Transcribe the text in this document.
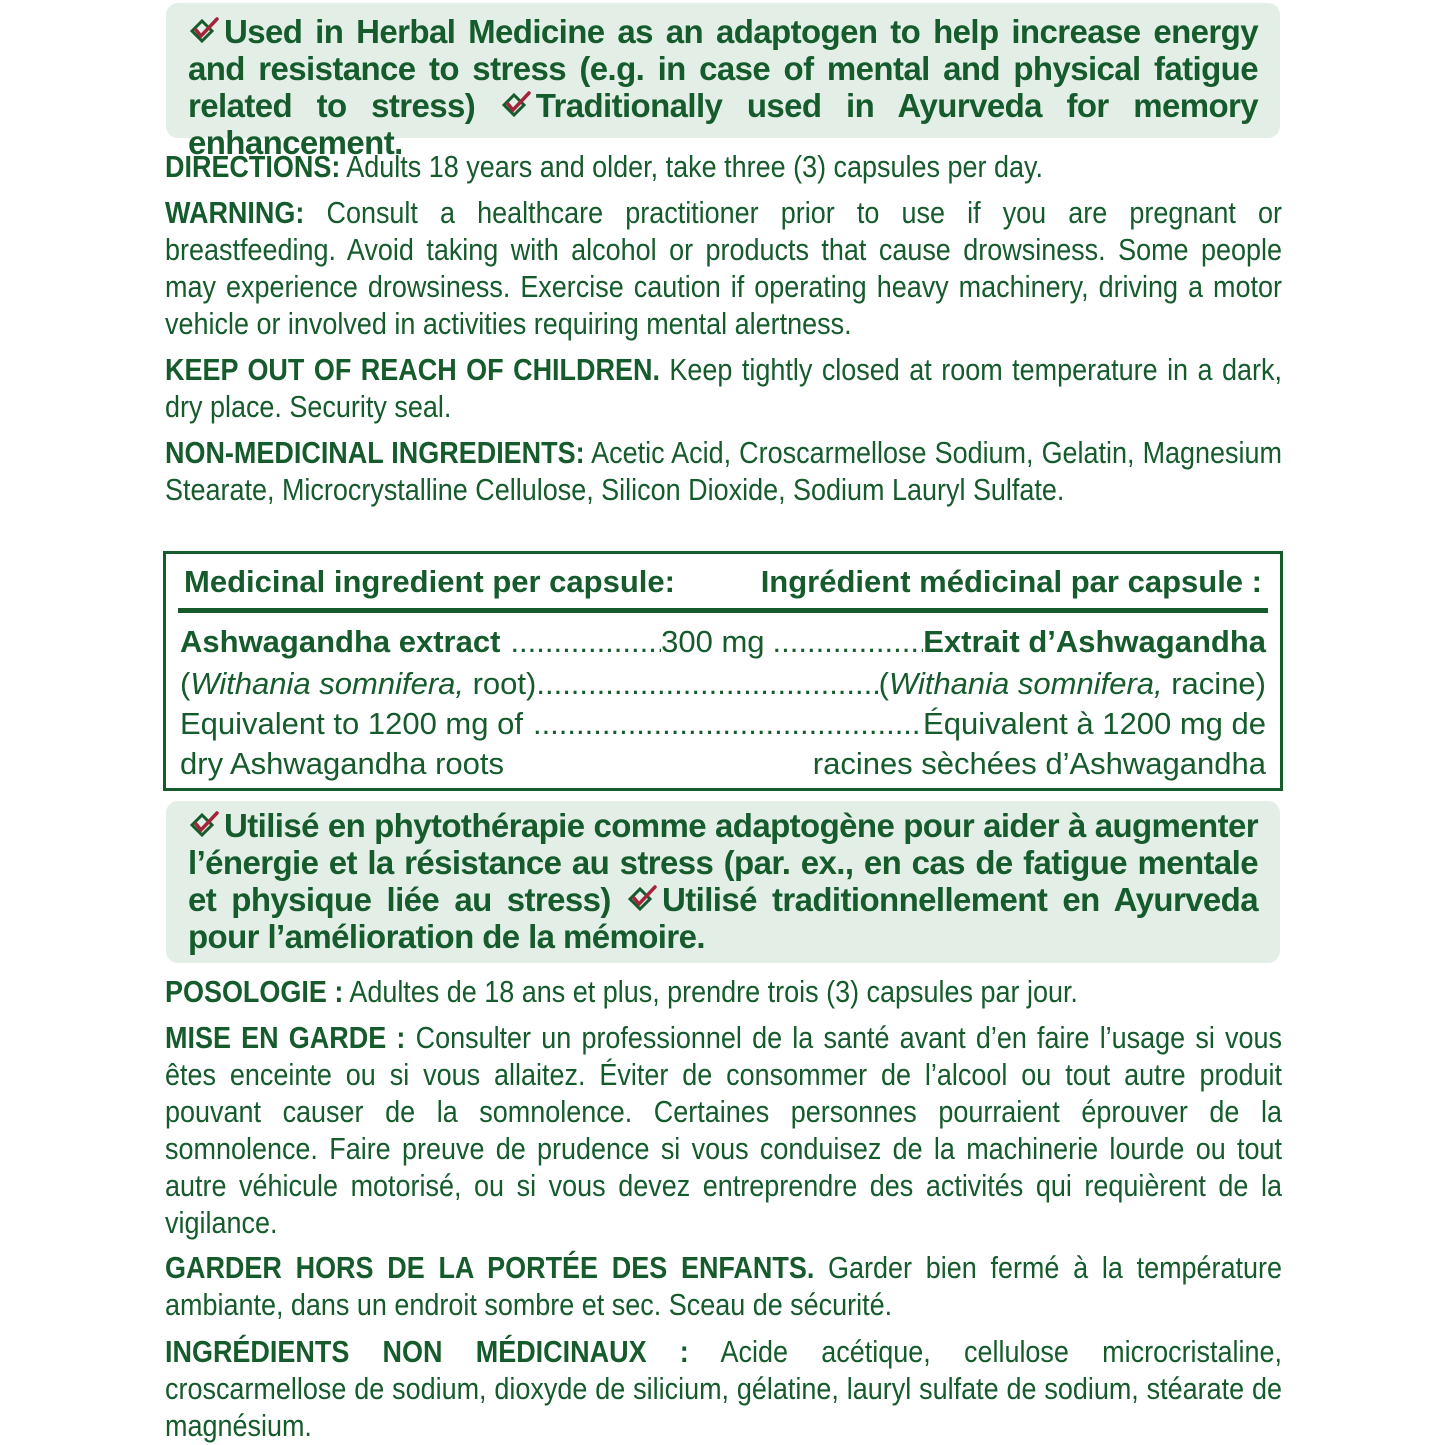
Used in Herbal Medicine as an adaptogen to help increase energy and resistance to stress (e.g. in case of mental and physical fatigue related to stress) Traditionally used in Ayurveda for memory enhancement.
DIRECTIONS: Adults 18 years and older, take three (3) capsules per day.
WARNING: Consult a healthcare practitioner prior to use if you are pregnant or breastfeeding. Avoid taking with alcohol or products that cause drowsiness. Some people may experience drowsiness. Exercise caution if operating heavy machinery, driving a motor vehicle or involved in activities requiring mental alertness.
KEEP OUT OF REACH OF CHILDREN. Keep tightly closed at room temperature in a dark, dry place. Security seal.
NON-MEDICINAL INGREDIENTS: Acetic Acid, Croscarmellose Sodium, Gelatin, Magnesium Stearate, Microcrystalline Cellulose, Silicon Dioxide, Sodium Lauryl Sulfate.
Medicinal ingredient per capsule:	Ingrédient médicinal par capsule :
Ashwagandha extract .....	300 mg .....	Extrait d’Ashwagandha
(Withania somnifera, root) .....	(Withania somnifera, racine)
Equivalent to 1200 mg of .....	Équivalent à 1200 mg de
dry Ashwagandha roots	racines sèchées d’Ashwagandha
Utilisé en phytothérapie comme adaptogène pour aider à augmenter l’énergie et la résistance au stress (par. ex., en cas de fatigue mentale et physique liée au stress) Utilisé traditionnellement en Ayurveda pour l’amélioration de la mémoire.
POSOLOGIE : Adultes de 18 ans et plus, prendre trois (3) capsules par jour.
MISE EN GARDE : Consulter un professionnel de la santé avant d’en faire l’usage si vous êtes enceinte ou si vous allaitez. Éviter de consommer de l’alcool ou tout autre produit pouvant causer de la somnolence. Certaines personnes pourraient éprouver de la somnolence. Faire preuve de prudence si vous conduisez de la machinerie lourde ou tout autre véhicule motorisé, ou si vous devez entreprendre des activités qui requièrent de la vigilance.
GARDER HORS DE LA PORTÉE DES ENFANTS. Garder bien fermé à la température ambiante, dans un endroit sombre et sec. Sceau de sécurité.
INGRÉDIENTS NON MÉDICINAUX : Acide acétique, cellulose microcristaline, croscarmellose de sodium, dioxyde de silicium, gélatine, lauryl sulfate de sodium, stéarate de magnésium.
